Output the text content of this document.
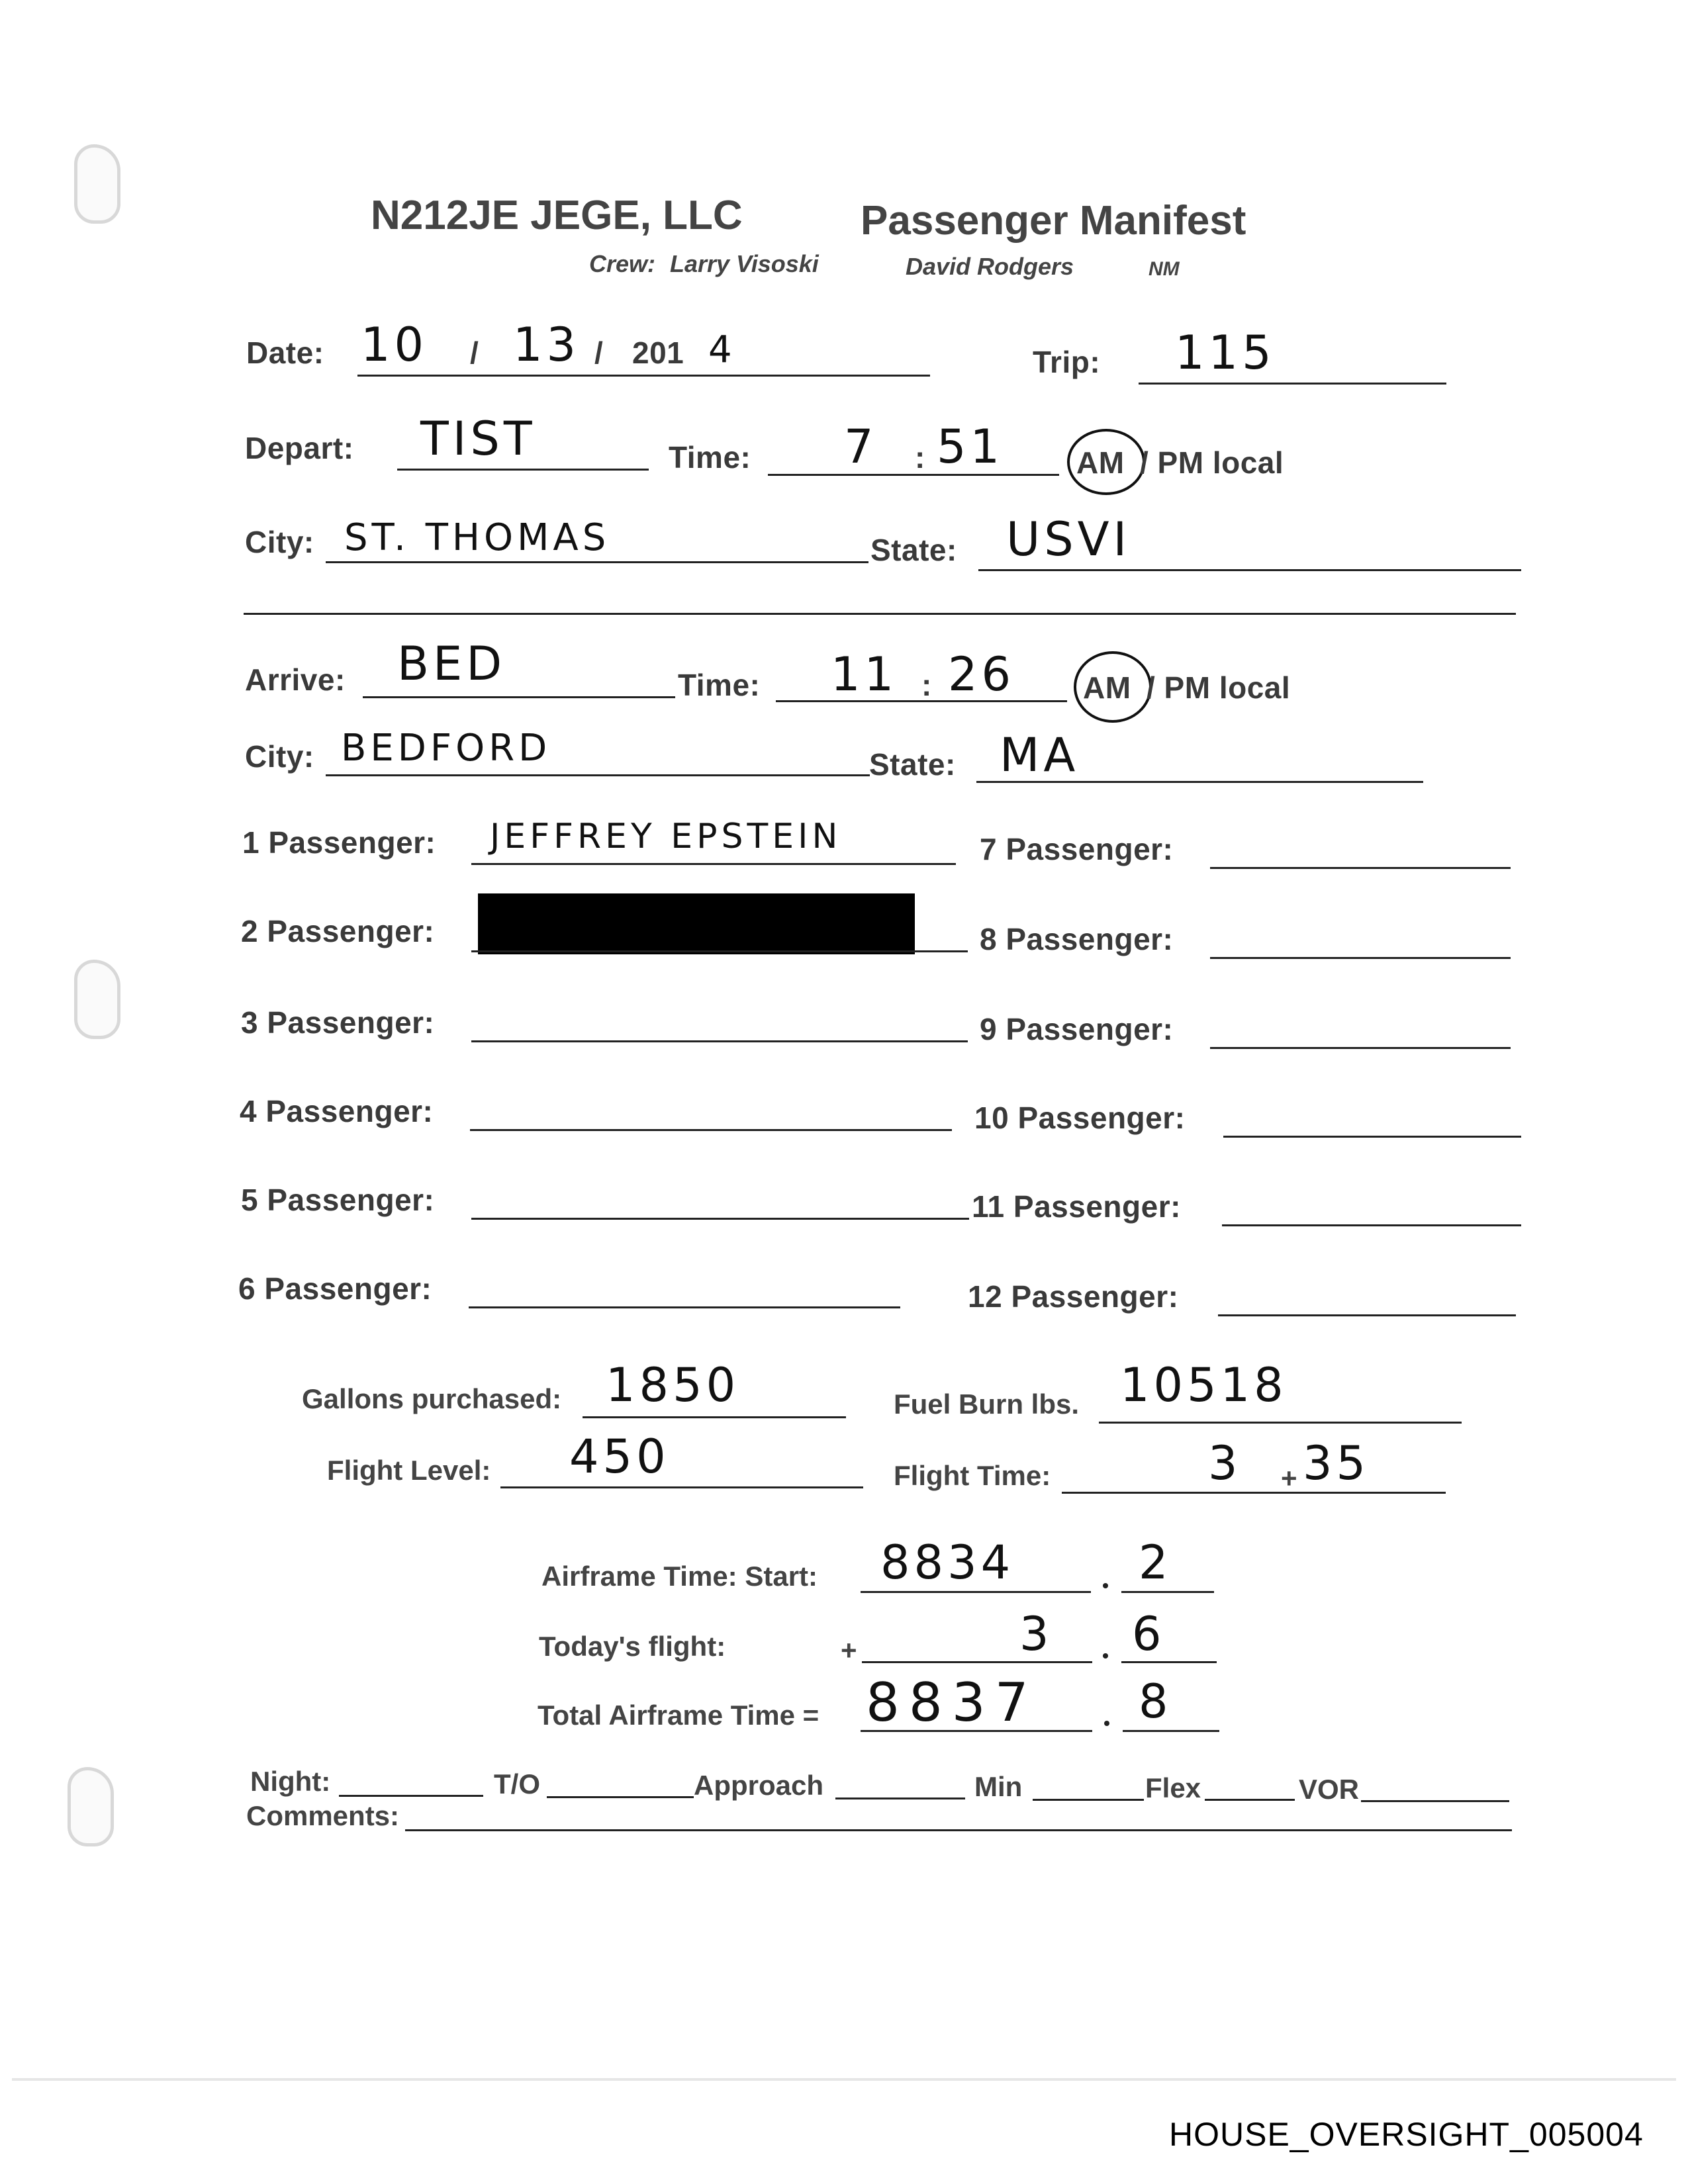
N212JE JEGE, LLC	Passenger Manifest
Crew: Larry Visoski	David Rodgers	NM
Date: 10 / 13 / 201 4	Trip: 115
Depart: TIST	Time: 7 : 51 AM / PM local
City: ST. THOMAS	State: USVI
Arrive: BED	Time: 11 : 26 AM / PM local
City: BEDFORD	State: MA
1 Passenger: JEFFREY EPSTEIN
2 Passenger:
3 Passenger:
4 Passenger:
5 Passenger:
6 Passenger:
7 Passenger:
8 Passenger:
9 Passenger:
10 Passenger:
11 Passenger:
12 Passenger:
Gallons purchased: 1850	Fuel Burn lbs. 10518
Flight Level: 450	Flight Time:	3 + 35
Airframe Time: Start: 8834	2
Today's flight:	+	3 6
Total Airframe Time = 8837 8
Night:	T/O	Approach	Min	Flex	VOR
Comments:
HOUSE_OVERSIGHT_005004
